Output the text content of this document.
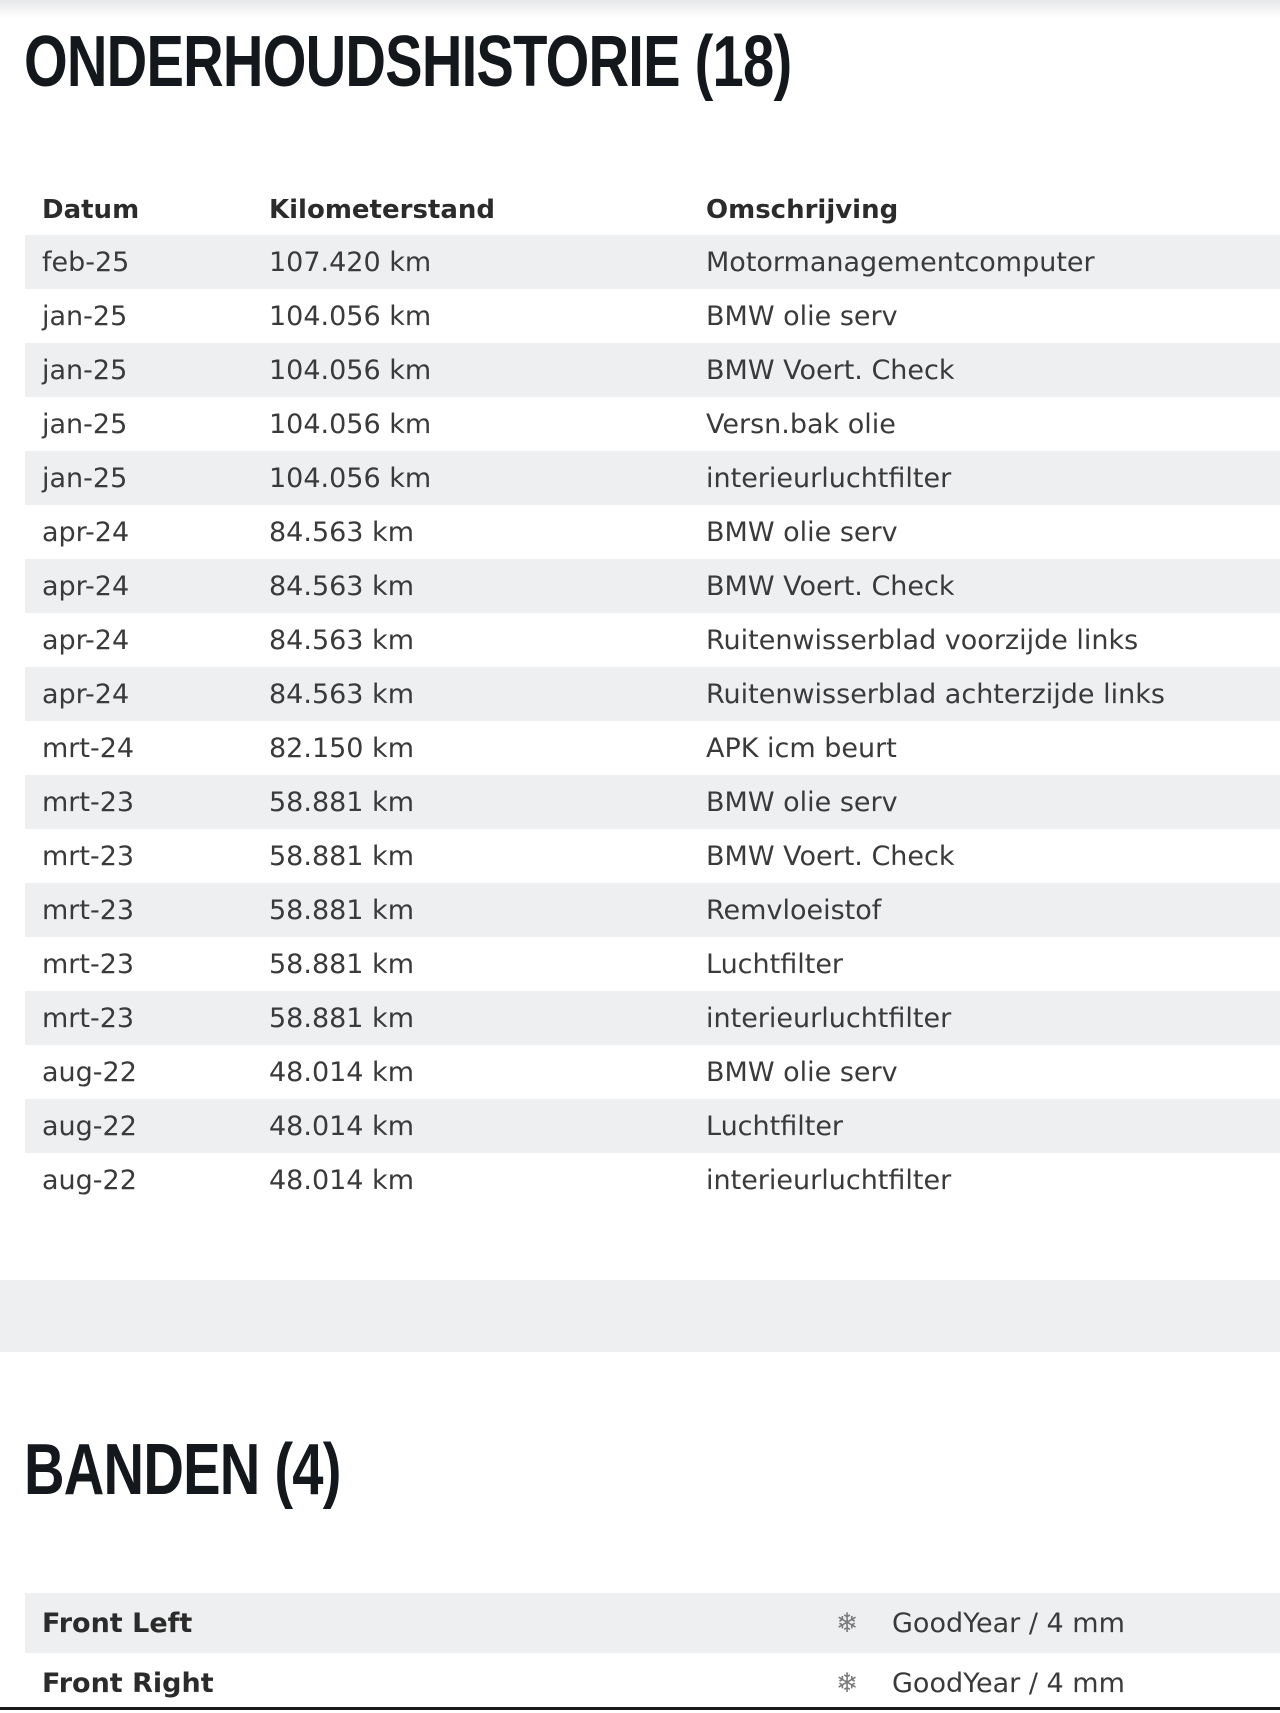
ONDERHOUDSHISTORIE (18)
Datum	Kilometerstand	Omschrijving
feb-25	107.420 km	Motormanagementcomputer
jan-25	104.056 km	BMW olie serv
jan-25	104.056 km	BMW Voert. Check
jan-25	104.056 km	Versn.bak olie
jan-25	104.056 km	interieurluchtfilter
apr-24	84.563 km	BMW olie serv
apr-24	84.563 km	BMW Voert. Check
apr-24	84.563 km	Ruitenwisserblad voorzijde links
apr-24	84.563 km	Ruitenwisserblad achterzijde links
mrt-24	82.150 km	APK icm beurt
mrt-23	58.881 km	BMW olie serv
mrt-23	58.881 km	BMW Voert. Check
mrt-23	58.881 km	Remvloeistof
mrt-23	58.881 km	Luchtfilter
mrt-23	58.881 km	interieurluchtfilter
aug-22	48.014 km	BMW olie serv
aug-22	48.014 km	Luchtfilter
aug-22	48.014 km	interieurluchtfilter
BANDEN (4)
Front Left	❄	GoodYear / 4 mm
Front Right	❄	GoodYear / 4 mm
